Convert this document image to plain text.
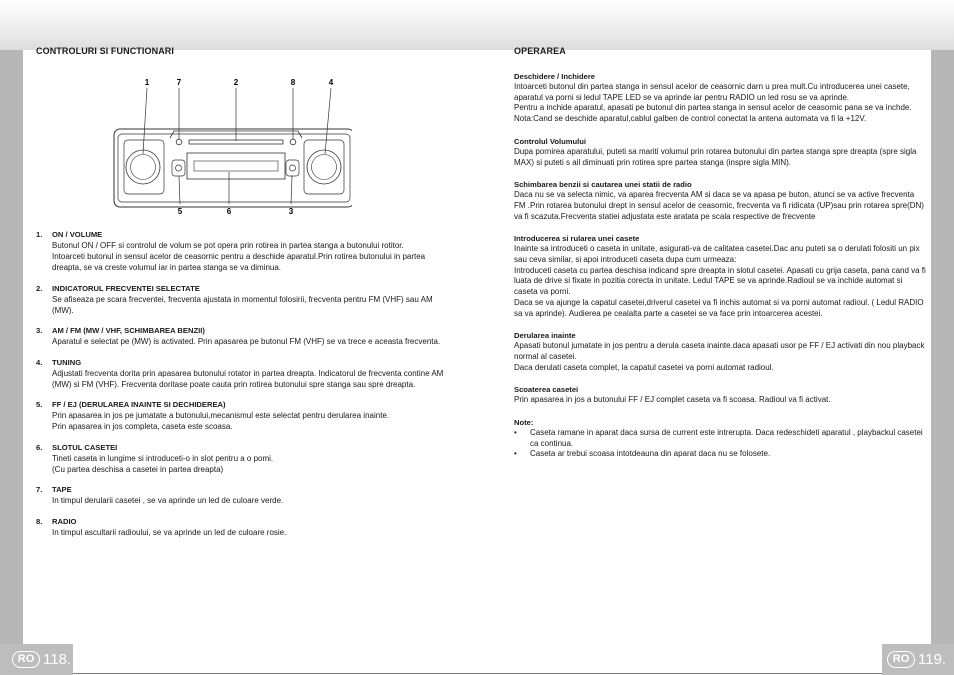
CONTROLURI SI FUNCTIONARI
1	7	2	8	4
5	6	3
1. ON / VOLUME
Butonul ON / OFF si controlul de volum se pot opera prin rotirea in partea stanga a butonului rotitor.
Intoarceti butonul in sensul acelor de ceasornic pentru a deschide aparatul.Prin rotirea butonului in partea dreapta, se va creste volumul iar in partea stanga se va diminua.
2. INDICATORUL FRECVENTEI SELECTATE
Se afiseaza pe scara frecventei, frecventa ajustata in momentul folosirii, frecventa pentru FM (VHF) sau AM (MW).
3. AM / FM (MW / VHF, SCHIMBAREA BENZII)
Aparatul e selectat pe (MW) is activated. Prin apasarea pe butonul FM (VHF) se va trece e aceasta frecventa.
4. TUNING
Adjustati frecventa dorita prin apasarea butonului rotator in partea dreapta. Indicatorul de frecventa contine AM (MW) si FM (VHF). Frecventa doritase poate cauta prin rotirea butonului spre stanga sau spre dreapta.
5. FF / EJ (DERULAREA INAINTE SI DECHIDEREA)
Prin apasarea in jos pe jumatate a butonului,mecanismul este selectat pentru derularea inainte.
Prin apasarea in jos completa, caseta este scoasa.
6. SLOTUL CASETEI
Tineti caseta in lungime si introduceti-o in slot pentru a o pomi.
(Cu partea deschisa a casetei in partea dreapta)
7. TAPE
In timpul derularii casetei , se va aprinde un led de culoare verde.
8. RADIO
In timpul ascultarii radioului, se va aprinde un led de culoare rosie.
OPERAREA
Deschidere / Inchidere
Intoarceti butonul din partea stanga in sensul acelor de ceasornic darn u prea mult.Cu introducerea unei casete, aparatul va porni si ledul TAPE LED se va aprinde iar pentru RADIO un led rosu se va aprinde.
Pentru a inchide aparatul, apasati pe butonul din partea stanga in sensul acelor de ceasornic pana se va inchde.
Nota:Cand se deschide aparatul,cablul galben de control conectat la antena automata va fi la +12V.
Controlul Volumului
Dupa pornirea aparatului, puteti sa mariti volumul prin rotarea butonului din partea stanga spre dreapta (spre sigla MAX) si puteti s ail diminuati prin rotirea spre partea stanga (inspre sigla MIN).
Schimbarea benzii si cautarea unei statii de radio
Daca nu se va selecta nimic, va aparea frecventa AM si daca se va apasa pe buton, atunci se va active frecventa FM .Prin rotarea butonului drept in sensul acelor de ceasornic, frecventa va fi ridicata (UP)sau prin rotarea spre(DN) va fi scazuta.Frecventa statiei adjustata este aratata pe scala respective de frecvente
Introducerea si rularea unei casete
Inainte sa introduceti o caseta in unitate, asigurati-va de calitatea casetei.Dac anu puteti sa o derulati folositi un pix sau ceva similar, si apoi introduceti caseta dupa cum urmeaza:
Introduceti caseta cu partea deschisa indicand spre dreapta in slotul casetei. Apasati cu grija caseta, pana cand va fi luata de drive si fixate in pozitia corecta in unitate. Ledul TAPE se va aprinde.Radioul se va inchide automat si caseta va porni.
Daca se va ajunge la capatul casetei,driverul casetei va fi inchis automat si va porni automat radioul. ( Ledul RADIO sa va aprinde). Audierea pe cealalta parte a casetei se va face prin intoarcerea acestei.
Derularea inainte
Apasati butonul jumatate in jos pentru a derula caseta inainte.daca apasati usor pe FF / EJ activati din nou playback normal al casetei.
Daca derulati caseta complet, la capatul casetei va porni automat radioul.
Scoaterea casetei
Prin apasarea in jos a butonului FF / EJ complet caseta va fi scoasa. Radioul va fi activat.
Note:
• Caseta ramane in aparat daca sursa de current este intrerupta. Daca redeschideti aparatul , playbackul casetei ca continua.
• Caseta ar trebui scoasa intotdeauna din aparat daca nu se folosete.
RO 118.	RO 119.
